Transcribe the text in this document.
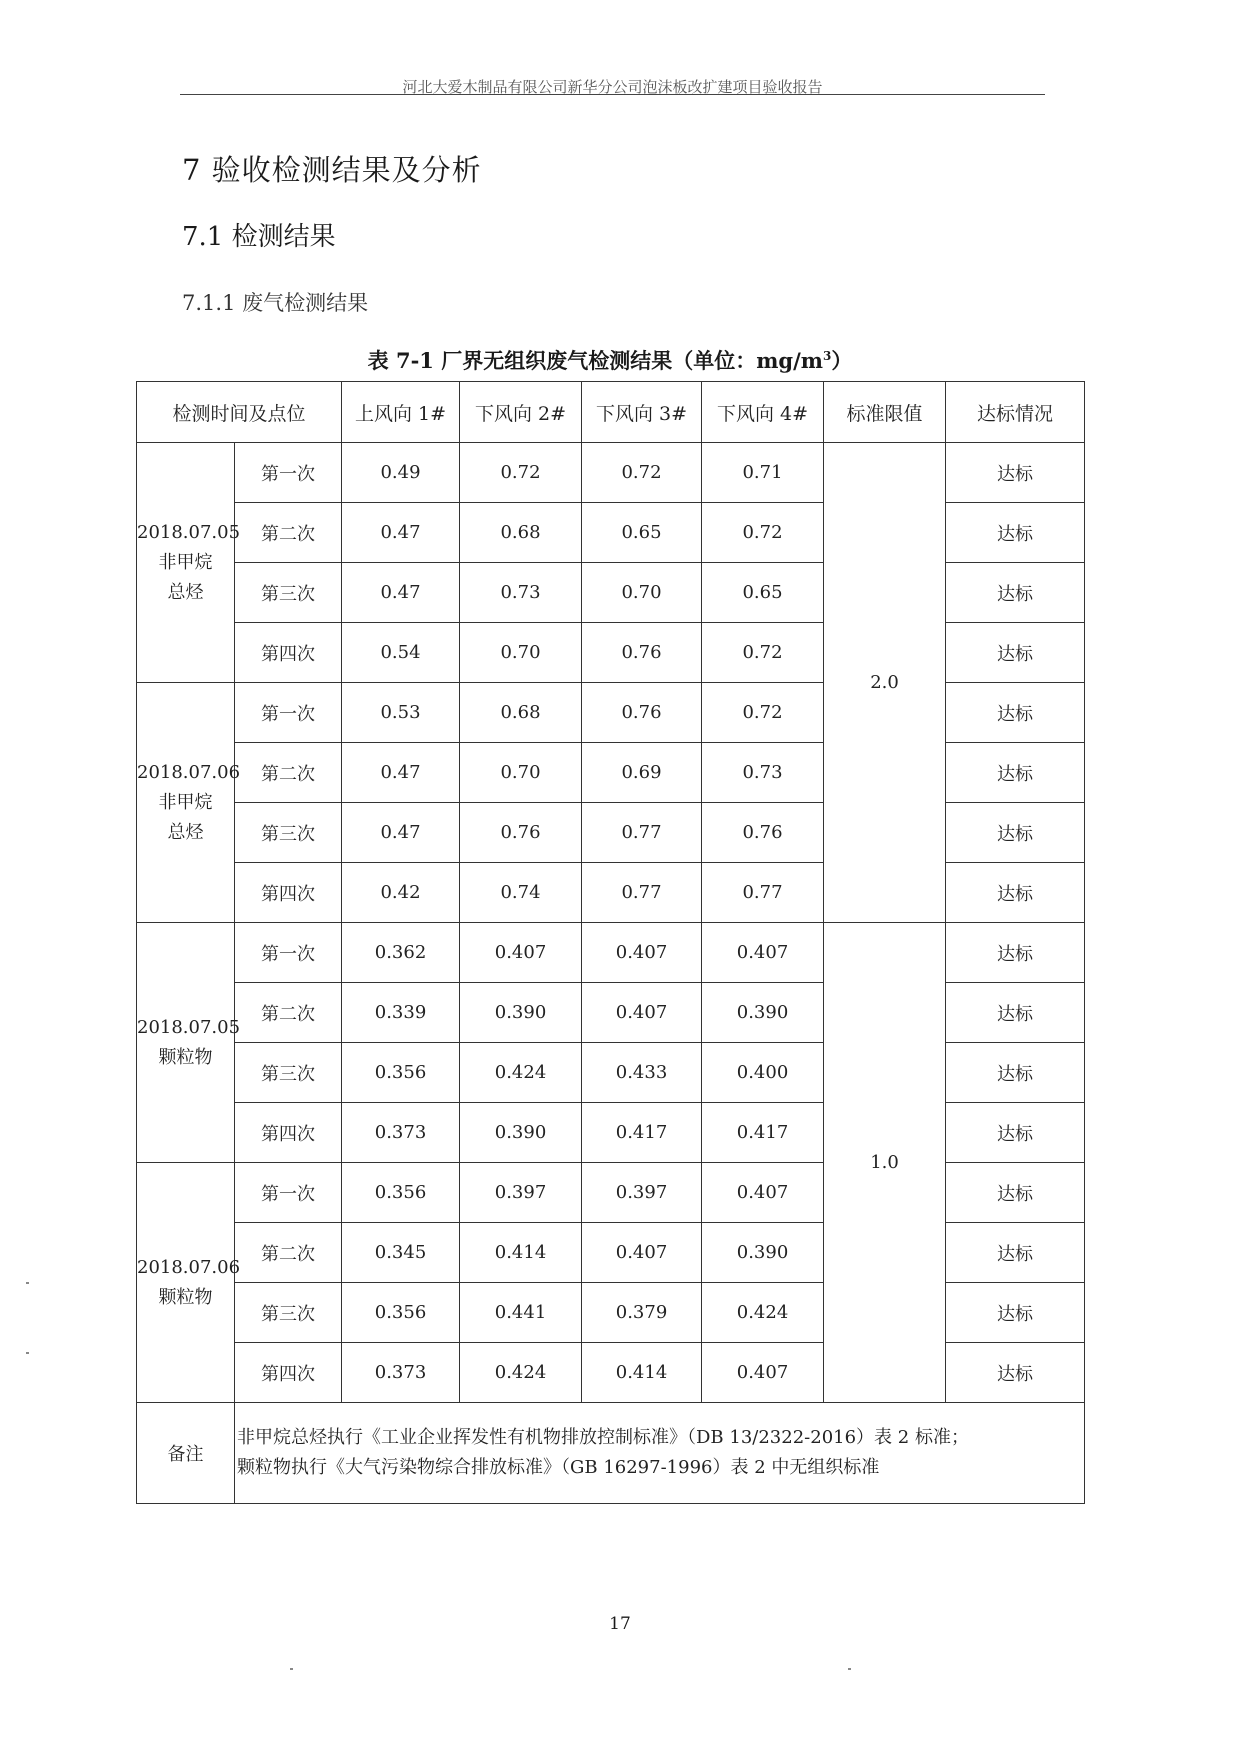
河北大爱木制品有限公司新华分公司泡沫板改扩建项目验收报告
7 验收检测结果及分析
7.1 检测结果
7.1.1 废气检测结果
表 7-1 厂界无组织废气检测结果（单位：$mg/m^3$）
检测时间及点位		上风向 1#	下风向 2#	下风向 3#	下风向 4#	标准限值	达标情况

2018.07.05
非甲烷
总烃	第一次	0.49	0.72	0.72	0.71	2.0	达标
	第二次	0.47	0.68	0.65	0.72		达标
	第三次	0.47	0.73	0.70	0.65		达标
	第四次	0.54	0.70	0.76	0.72		达标

2018.07.06
非甲烷
总烃	第一次	0.53	0.68	0.76	0.72		达标
	第二次	0.47	0.70	0.69	0.73		达标
	第三次	0.47	0.76	0.77	0.76		达标
	第四次	0.42	0.74	0.77	0.77		达标

2018.07.05
颗粒物	第一次	0.362	0.407	0.407	0.407	1.0	达标
	第二次	0.339	0.390	0.407	0.390		达标
	第三次	0.356	0.424	0.433	0.400		达标
	第四次	0.373	0.390	0.417	0.417		达标

2018.07.06
颗粒物	第一次	0.356	0.397	0.397	0.407		达标
	第二次	0.345	0.414	0.407	0.390		达标
	第三次	0.356	0.441	0.379	0.424		达标
	第四次	0.373	0.424	0.414	0.407		达标
备注	非甲烷总烃执行《工业企业挥发性有机物排放控制标准》（DB 13/2322-2016）表 2 标准；
颗粒物执行《大气污染物综合排放标准》（GB 16297-1996）表 2 中无组织标准						
17
